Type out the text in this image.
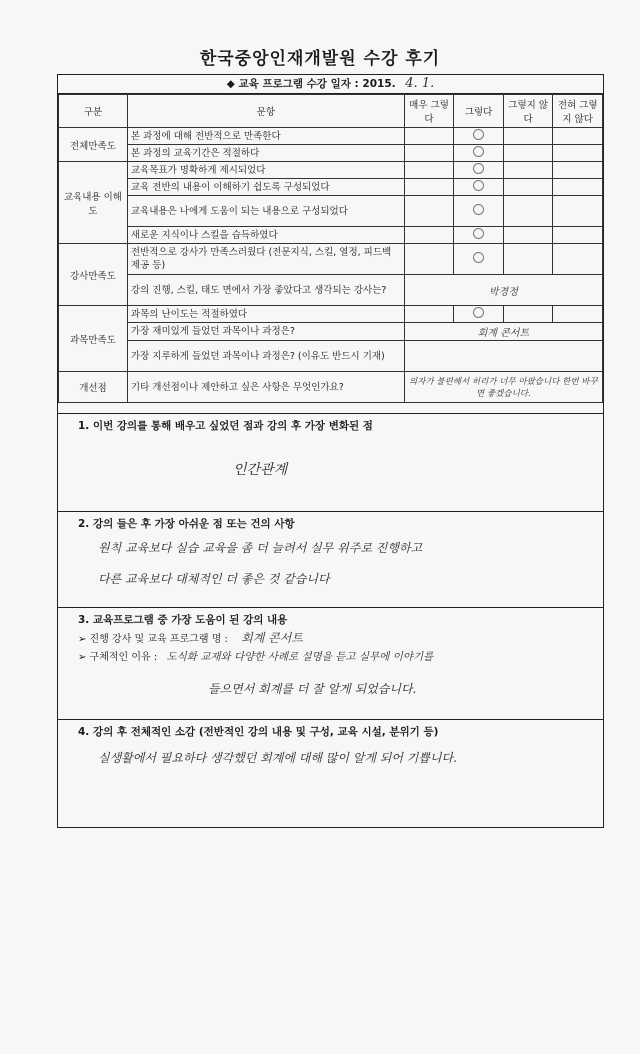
한국중앙인재개발원 수강 후기
◆ 교육 프로그램 수강 일자 : 2015. 4. 1.
구분	문항	매우 그렇다	그렇다	그렇지 않다	전혀 그렇지 않다
전체만족도	본 과정에 대해 전반적으로 만족한다				
	본 과정의 교육기간은 적절하다				
교육내용 이해도	교육목표가 명확하게 제시되었다				
	교육 전반의 내용이 이해하기 쉽도록 구성되었다				
	교육내용은 나에게 도움이 되는 내용으로 구성되었다				
	새로운 지식이나 스킬을 습득하였다				
강사만족도	전반적으로 강사가 만족스러웠다 (전문지식, 스킬, 열정, 피드백 제공 등)				
	강의 진행, 스킬, 태도 면에서 가장 좋았다고 생각되는 강사는?	박경정			
과목만족도	과목의 난이도는 적절하였다				
	가장 재미있게 들었던 과목이나 과정은?	회계 콘서트			
	가장 지루하게 들었던 과목이나 과정은? (이유도 반드시 기재)				
개선점	기타 개선점이나 제안하고 싶은 사항은 무엇인가요?	의자가 불편해서 허리가 너무 아팠습니다 한번 바꾸면 좋겠습니다.			
1. 이번 강의를 통해 배우고 싶었던 점과 강의 후 가장 변화된 점
인간관계
2. 강의 들은 후 가장 아쉬운 점 또는 건의 사항
원칙 교육보다 실습 교육을 좀 더 늘려서 실무 위주로 진행하고
다른 교육보다 대체적인 더 좋은 것 같습니다
3. 교육프로그램 중 가장 도움이 된 강의 내용
➢ 진행 강사 및 교육 프로그램 명 : 회계 콘서트
➢ 구체적인 이유 : 도식화 교재와 다양한 사례로 설명을 듣고 실무에 이야기를
들으면서 회계를 더 잘 알게 되었습니다.
4. 강의 후 전체적인 소감 (전반적인 강의 내용 및 구성, 교육 시설, 분위기 등)
실생활에서 필요하다 생각했던 회계에 대해 많이 알게 되어 기쁩니다.
